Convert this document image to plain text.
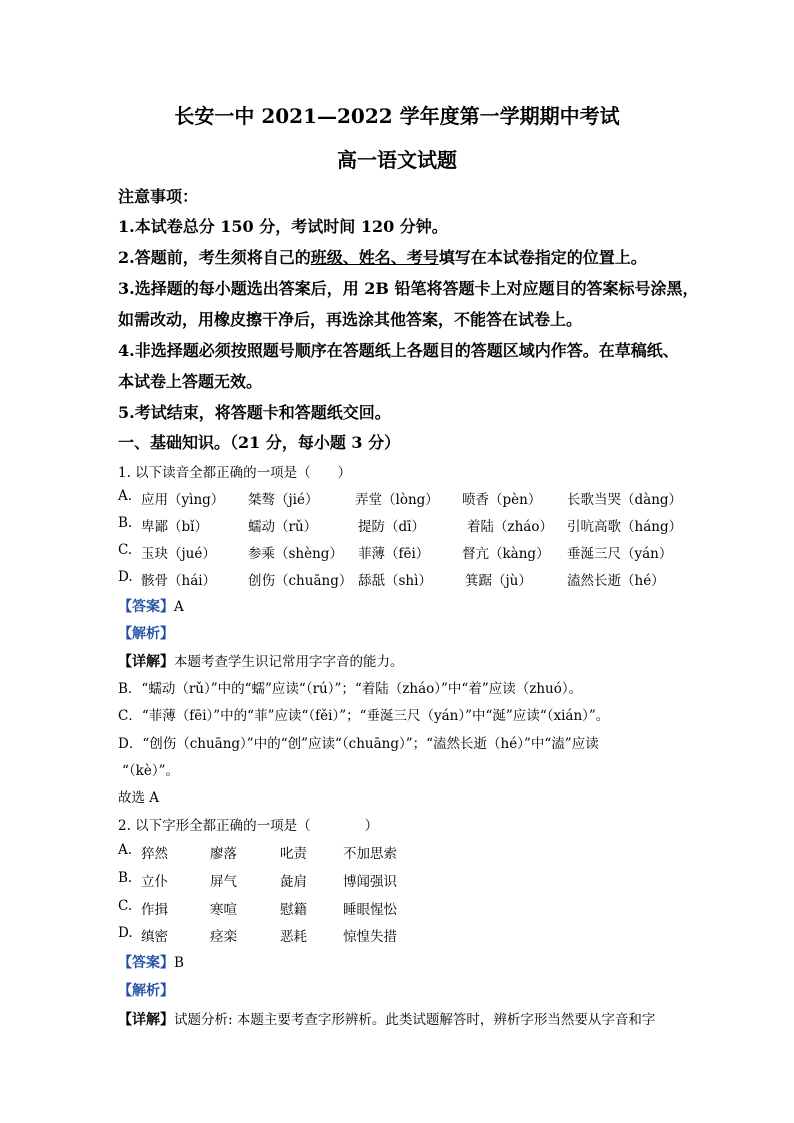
长安一中 2021—2022 学年度第一学期期中考试
高一语文试题
注意事项：
1.本试卷总分 150 分，考试时间 120 分钟。
2.答题前，考生须将自己的班级、姓名、考号填写在本试卷指定的位置上。
3.选择题的每小题选出答案后，用 2B 铅笔将答题卡上对应题目的答案标号涂黑，
如需改动，用橡皮擦干净后，再选涂其他答案，不能答在试卷上。
4.非选择题必须按照题号顺序在答题纸上各题目的答题区域内作答。在草稿纸、
本试卷上答题无效。
5.考试结束，将答题卡和答题纸交回。
一、基础知识。（21 分，每小题 3 分）
1. 以下读音全都正确的一项是（　　）
A. 应用（yìng） 桀骜（jié）	弄堂（lòng） 喷香（pèn） 长歌当哭（dàng）
B. 卑鄙（bǐ）	蠕动（rǔ）	提防（dī）	着陆（zháo） 引吭高歌（háng）
C. 玉玦（jué） 参乘（shèng） 菲薄（fēi） 督亢（kàng） 垂涎三尺（yán）
D. 骸骨（hái） 创伤（chuāng） 舔舐（shì） 箕踞（jù）	溘然长逝（hé）
【答案】A
【解析】
【详解】本题考查学生识记常用字字音的能力。
B．“蠕动（rǔ）”中的“蠕”应读“（rú）”；“着陆（zháo）”中“着”应读（zhuó）。
C．“菲薄（fēi）”中的“菲”应读“（fěi）”；“垂涎三尺（yán）”中“涎”应读“（xián）”。
D．“创伤（chuāng）”中的“创”应读“（chuāng）”；“溘然长逝（hé）”中“溘”应读
“（kè）”。
故选 A
2. 以下字形全都正确的一项是（　　　　）
A. 猝然	廖落	叱责	不加思索
B. 立仆	屏气	彘肩	博闻强识
C. 作揖	寒喧	慰籍	睡眼惺忪
D. 缜密	痉栾	恶耗	惊惶失措
【答案】B
【解析】
【详解】试题分析: 本题主要考查字形辨析。此类试题解答时，辨析字形当然要从字音和字
